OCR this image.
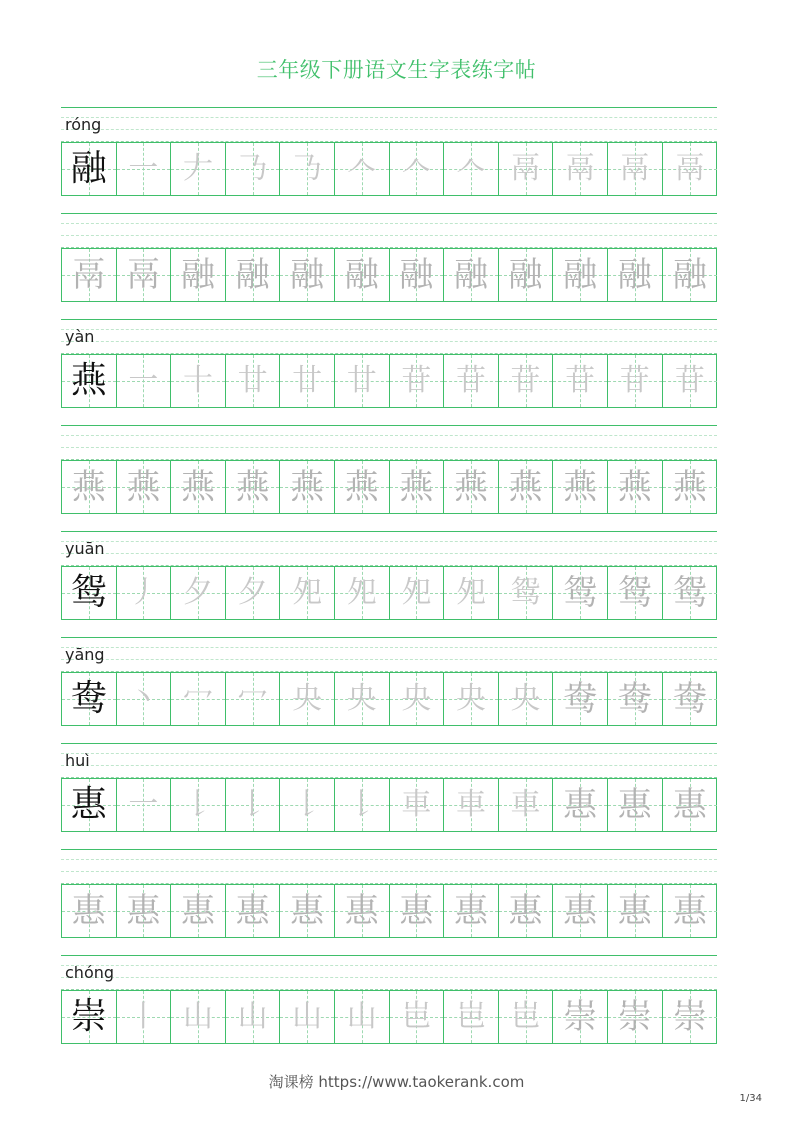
三年级下册语文生字表练字帖
róng
融 一 𠂇 𠄎 𠄎 𠆢 𠆢 𠆢 鬲 鬲 鬲 鬲
鬲 鬲 融 融 融 融 融 融 融 融 融 融
yàn
燕 一 十 廿 廿 廿 苷 苷 苷 苷 苷 苷
燕 燕 燕 燕 燕 燕 燕 燕 燕 燕 燕 燕
yuān
鸳 丿 夕 夕 夗 夗 夗 夗 鸳 鸳 鸳 鸳
yāng
鸯 丶 冖 冖 央 央 央 央 央 鸯 鸯 鸯
huì
惠 一 𠄌 𠄌 𠄌 𠄌 車 車 車 惠 惠 惠
惠 惠 惠 惠 惠 惠 惠 惠 惠 惠 惠 惠
chóng
崇 丨 山 山 山 山 岜 岜 岜 崇 崇 崇
淘课榜 https://www.taokerank.com
1/34
